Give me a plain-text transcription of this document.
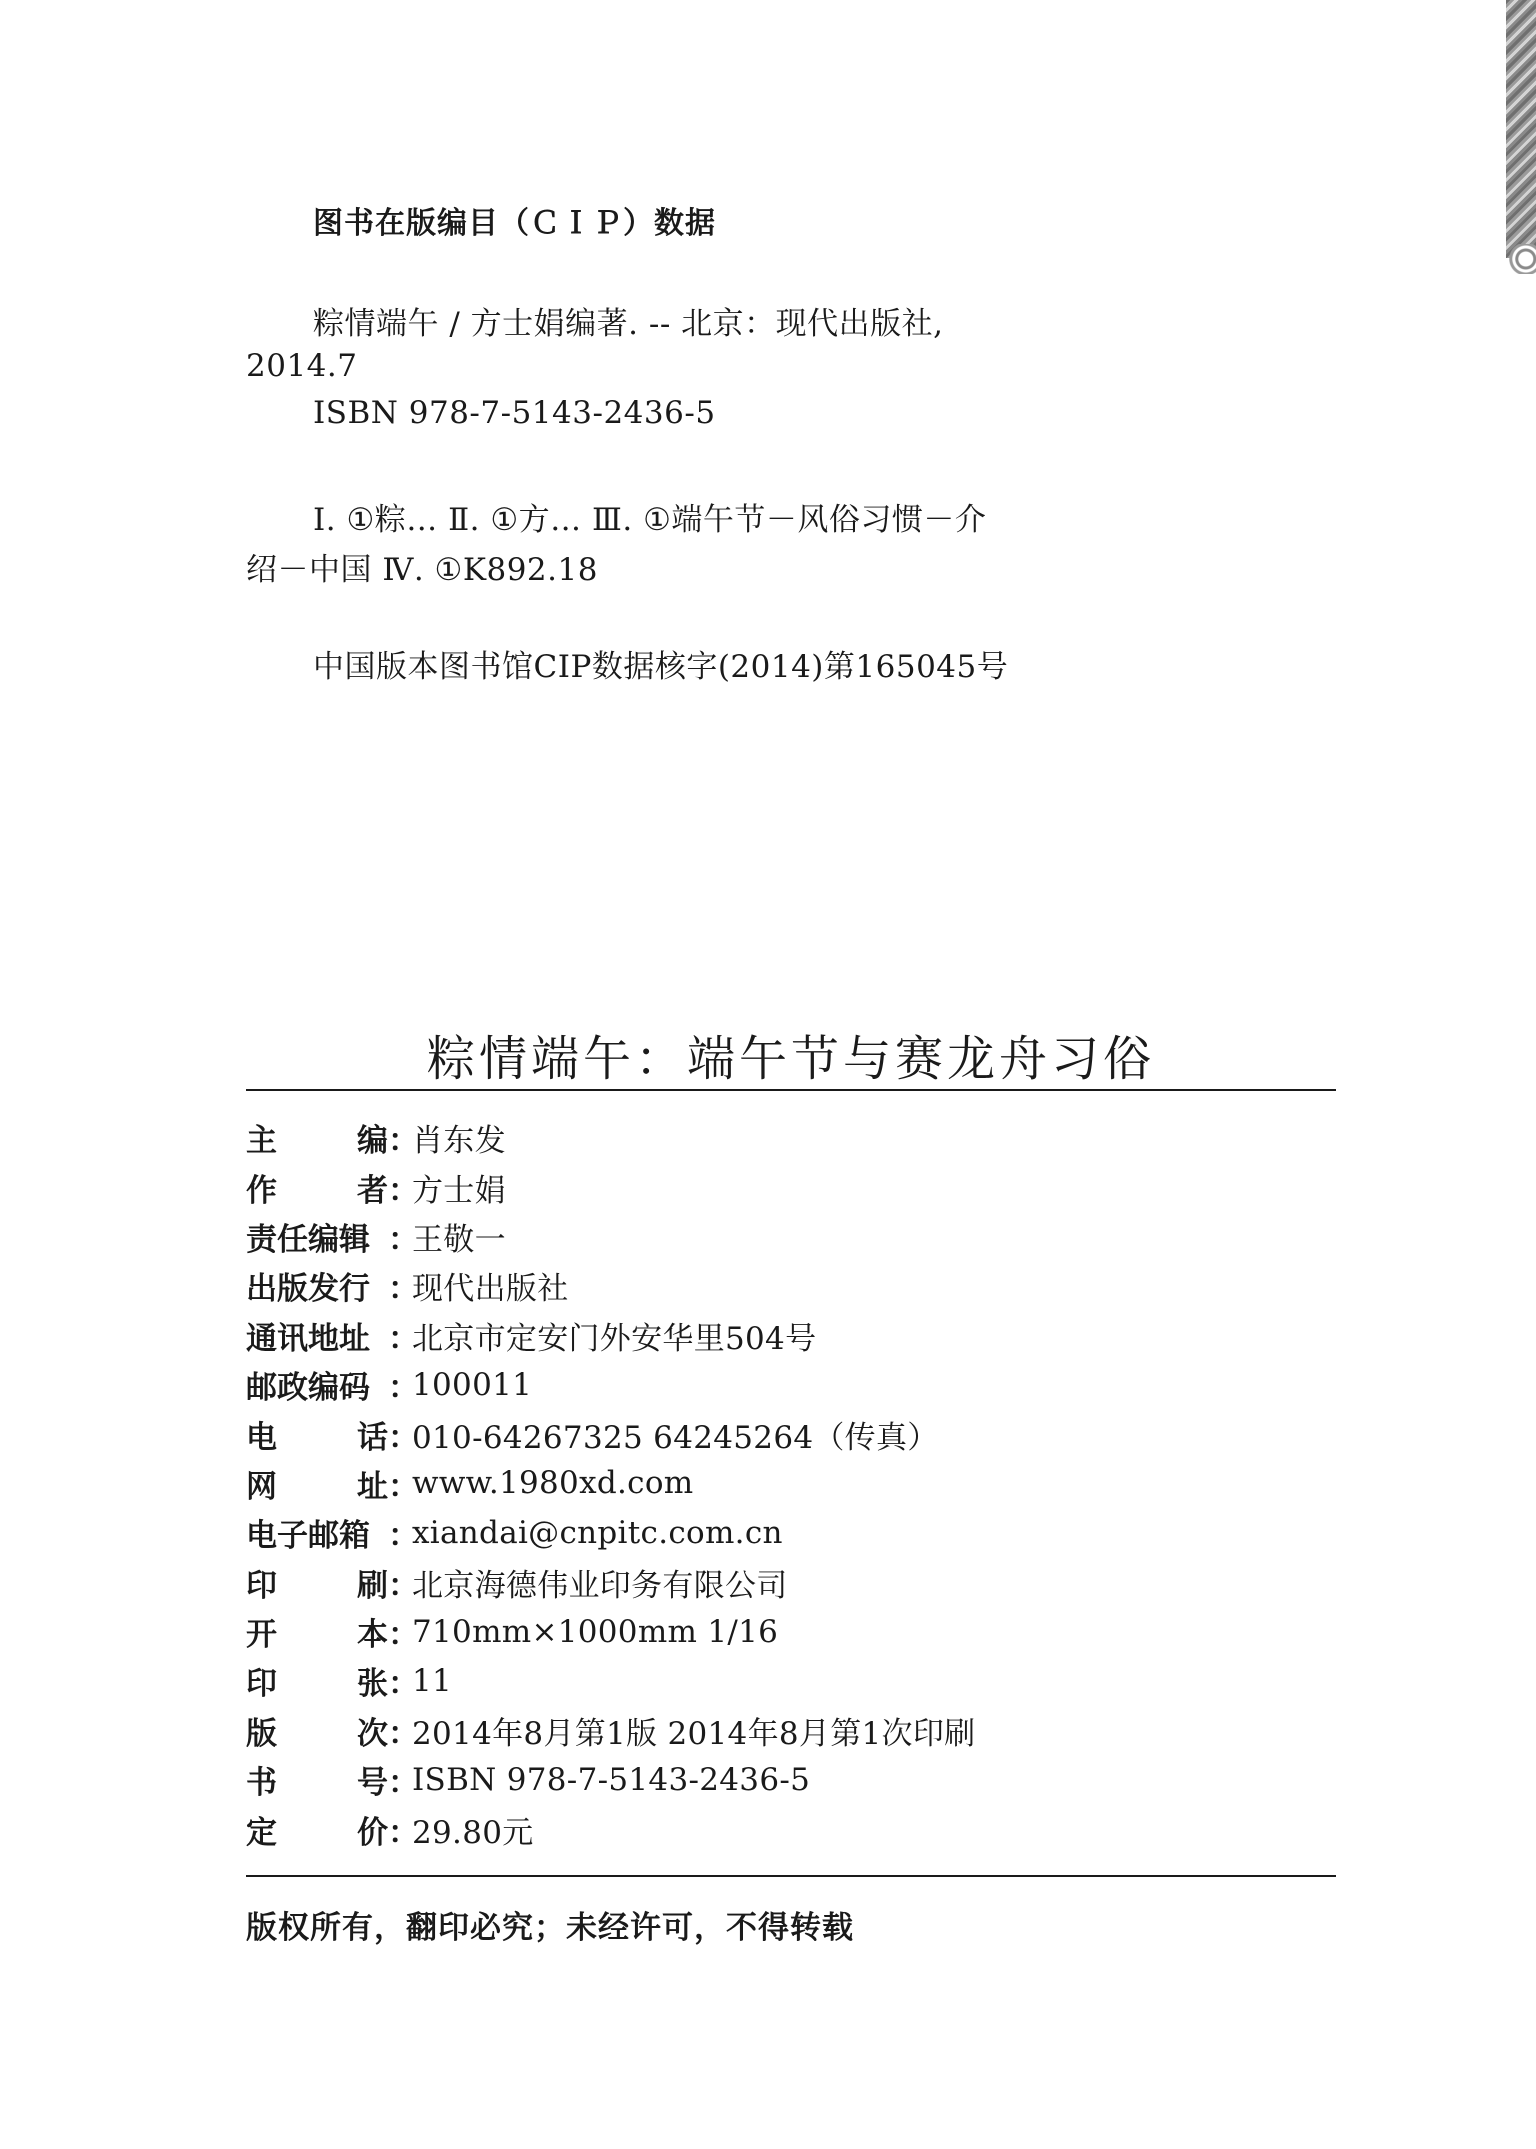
图书在版编目（ＣＩＰ）数据
粽情端午 / 方士娟编著. -- 北京：现代出版社,
2014.7
ISBN 978-7-5143-2436-5
Ⅰ. ①粽… Ⅱ. ①方… Ⅲ. ①端午节－风俗习惯－介
绍－中国 Ⅳ. ①K892.18
中国版本图书馆CIP数据核字(2014)第165045号
粽情端午：端午节与赛龙舟习俗
主	编 ：
肖东发
作	者 ：
方士娟
责任编辑 ：
王敬一
出版发行 ：
现代出版社
通讯地址 ：
北京市定安门外安华里504号
邮政编码 ：
100011
电	话 ：
010-64267325 64245264（传真）
网	址 ：
www.1980xd.com
电子邮箱 ：
xiandai@cnpitc.com.cn
印	刷 ：
北京海德伟业印务有限公司
开	本 ：
710mm×1000mm 1/16
印	张 ：
11
版	次 ：
2014年8月第1版 2014年8月第1次印刷
书	号 ：
ISBN 978-7-5143-2436-5
定	价 ：
29.80元
版权所有，翻印必究；未经许可，不得转载
